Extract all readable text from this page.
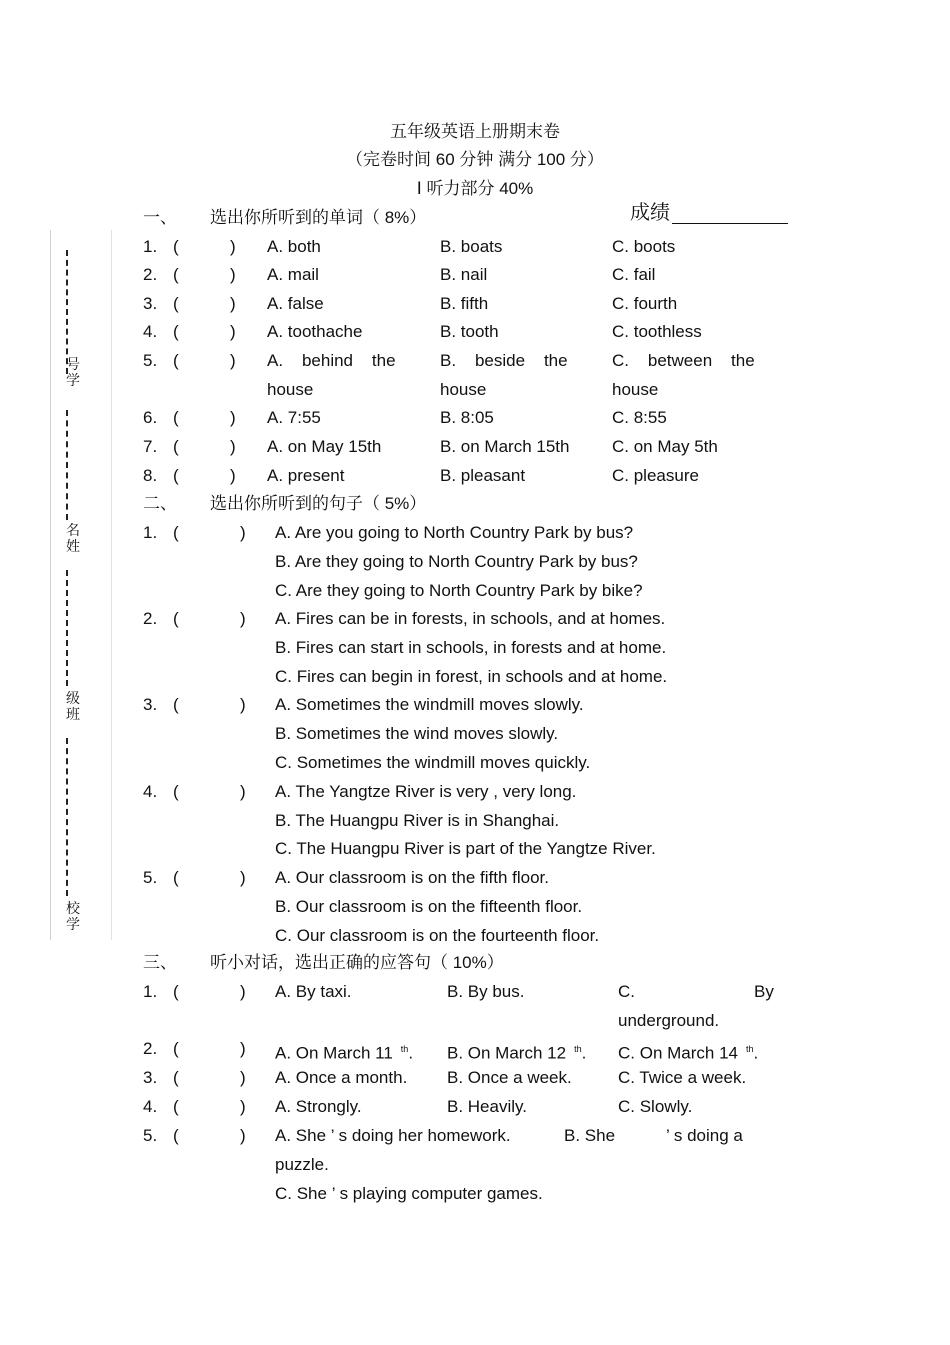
五年级英语上册期末卷
（完卷时间 60 分钟 满分 100 分）
Ⅰ 听力部分 40%
成绩
号学
名姓
级班
校学
一、 选出你所听到的单词（ 8%）
1. (	) A. both	B. boats	C. boots
2. (	) A. mail	B. nail	C. fail
3. (	) A. false	B. fifth	C. fourth
4. (	) A. toothache	B. tooth	C. toothless
5. (	) A.    behind    the
house
B.    beside    the
house
C.    between    the
house
6. (	) A. 7:55	B. 8:05	C. 8:55
7. (	) A. on May 15th	B. on March 15th	C. on May 5th
8. (	) A. present	B. pleasant	C. pleasure
二、 选出你所听到的句子（ 5%）
1. (	) A. Are you going to North Country Park by bus?
B. Are they going to North Country Park by bus?
C. Are they going to North Country Park by bike?
2. (	) A. Fires can be in forests, in schools, and at homes.
B. Fires can start in schools, in forests and at home.
C. Fires can begin in forest, in schools and at home.
3. (	) A. Sometimes the windmill moves slowly.
B. Sometimes the wind moves slowly.
C. Sometimes the windmill moves quickly.
4. (	) A. The Yangtze River is very , very long.
B. The Huangpu River is in Shanghai.
C. The Huangpu River is part of the Yangtze River.
5. (	) A. Our classroom is on the fifth floor.
B. Our classroom is on the fifteenth floor.
C. Our classroom is on the fourteenth floor.
三、 听小对话，选出正确的应答句（ 10%）
1. (	) A. By taxi.	B. By bus.	C.	By
underground.
2. (	) A. On March 11 $^{th}$. B. On March 12 $^{th}$. C. On March 14 $^{th}$.
3. (	) A. Once a month. B. Once a week.	C. Twice a week.
4. (	) A. Strongly.	B. Heavily.	C. Slowly.
5. (	) A. She ’ s doing her homework.	B. She	’ s doing a
puzzle.
C. She ’ s playing computer games.
